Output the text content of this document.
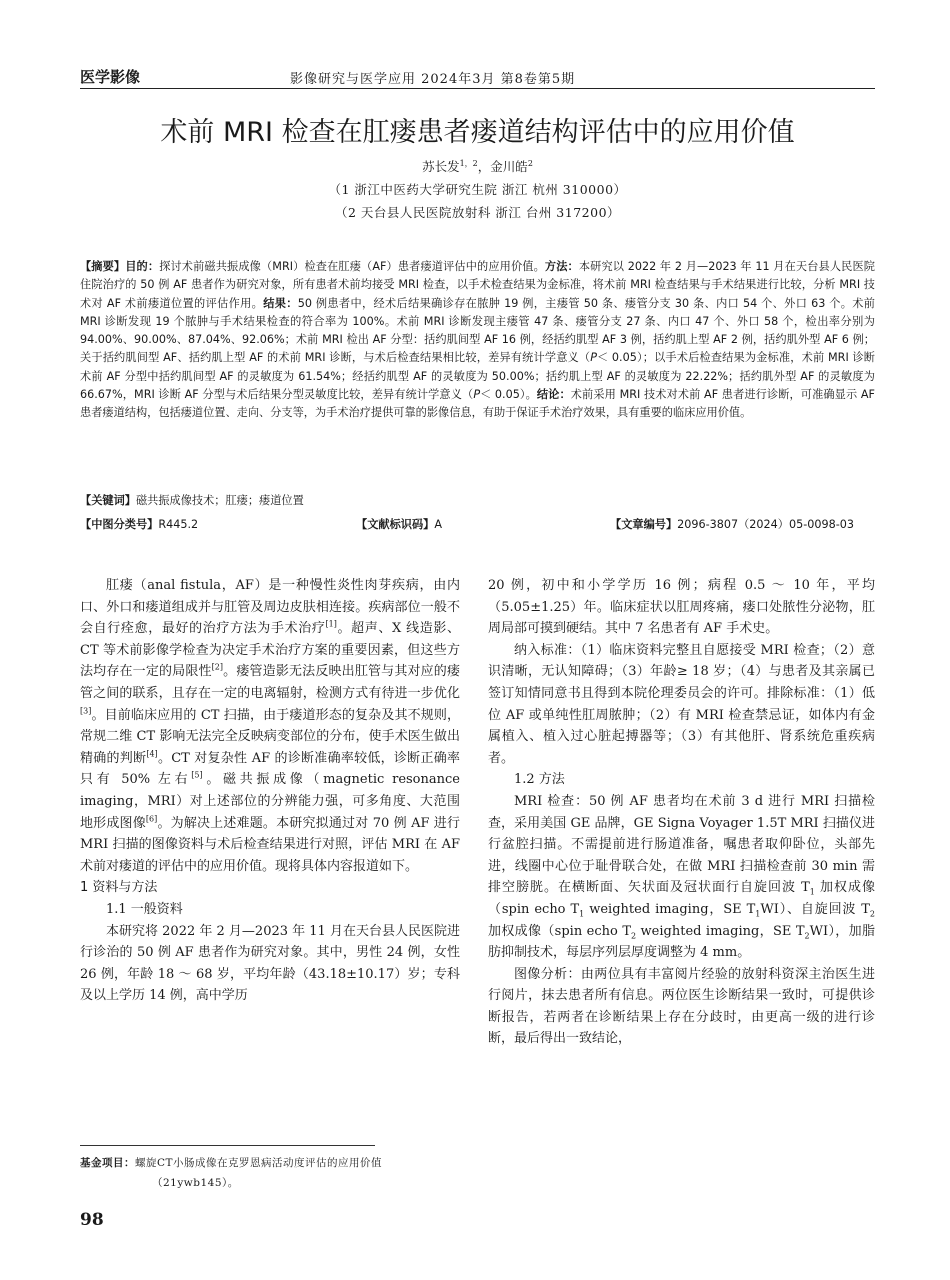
医学影像	影像研究与医学应用 2024年3月 第8卷第5期
术前 MRI 检查在肛瘘患者瘘道结构评估中的应用价值
苏长发$^{1,2}$，金川皓$^2$
（1 浙江中医药大学研究生院 浙江 杭州 310000）
（2 天台县人民医院放射科 浙江 台州 317200）
【摘要】目的：探讨术前磁共振成像（MRI）检查在肛瘘（AF）患者瘘道评估中的应用价值。方法：本研究以 2022 年 2 月—2023 年 11 月在天台县人民医院住院治疗的 50 例 AF 患者作为研究对象，所有患者术前均接受 MRI 检查，以手术检查结果为金标准，将术前 MRI 检查结果与手术结果进行比较，分析 MRI 技术对 AF 术前瘘道位置的评估作用。结果：50 例患者中，经术后结果确诊存在脓肿 19 例，主瘘管 50 条、瘘管分支 30 条、内口 54 个、外口 63 个。术前 MRI 诊断发现 19 个脓肿与手术结果检查的符合率为 100%。术前 MRI 诊断发现主瘘管 47 条、瘘管分支 27 条、内口 47 个、外口 58 个，检出率分别为 94.00%、90.00%、87.04%、92.06%；术前 MRI 检出 AF 分型：括约肌间型 AF 16 例，经括约肌型 AF 3 例，括约肌上型 AF 2 例，括约肌外型 AF 6 例；关于括约肌间型 AF、括约肌上型 AF 的术前 MRI 诊断，与术后检查结果相比较，差异有统计学意义（P＜ 0.05）；以手术后检查结果为金标准，术前 MRI 诊断术前 AF 分型中括约肌间型 AF 的灵敏度为 61.54%；经括约肌型 AF 的灵敏度为 50.00%；括约肌上型 AF 的灵敏度为 22.22%；括约肌外型 AF 的灵敏度为 66.67%，MRI 诊断 AF 分型与术后结果分型灵敏度比较，差异有统计学意义（P＜ 0.05）。结论：术前采用 MRI 技术对术前 AF 患者进行诊断，可准确显示 AF 患者瘘道结构，包括瘘道位置、走向、分支等，为手术治疗提供可靠的影像信息，有助于保证手术治疗效果，具有重要的临床应用价值。
【关键词】磁共振成像技术；肛瘘；瘘道位置
【中图分类号】R445.2	【文献标识码】A	【文章编号】2096-3807（2024）05-0098-03

肛瘘（anal fistula，AF）是一种慢性炎性肉芽疾病，由内口、外口和瘘道组成并与肛管及周边皮肤相连接。疾病部位一般不会自行痊愈，最好的治疗方法为手术治疗[1]。超声、X 线造影、CT 等术前影像学检查为决定手术治疗方案的重要因素，但这些方法均存在一定的局限性[2]。瘘管造影无法反映出肛管与其对应的瘘管之间的联系，且存在一定的电离辐射，检测方式有待进一步优化[3]。目前临床应用的 CT 扫描，由于瘘道形态的复杂及其不规则，常规二维 CT 影响无法完全反映病变部位的分布，使手术医生做出精确的判断[4]。CT 对复杂性 AF 的诊断准确率较低，诊断正确率只有 50% 左右[5]。磁共振成像（magnetic resonance imaging，MRI）对上述部位的分辨能力强，可多角度、大范围地形成图像[6]。为解决上述难题。本研究拟通过对 70 例 AF 进行 MRI 扫描的图像资料与术后检查结果进行对照，评估 MRI 在 AF 术前对瘘道的评估中的应用价值。现将具体内容报道如下。

1 资料与方法

1.1 一般资料

本研究将 2022 年 2 月—2023 年 11 月在天台县人民医院进行诊治的 50 例 AF 患者作为研究对象。其中，男性 24 例，女性 26 例，年龄 18 ～ 68 岁，平均年龄（43.18±10.17）岁；专科及以上学历 14 例，高中学历

20 例，初中和小学学历 16 例；病程 0.5 ～ 10 年，平均（5.05±1.25）年。临床症状以肛周疼痛，瘘口处脓性分泌物，肛周局部可摸到硬结。其中 7 名患者有 AF 手术史。

纳入标准：（1）临床资料完整且自愿接受 MRI 检查；（2）意识清晰，无认知障碍；（3）年龄≥ 18 岁；（4）与患者及其亲属已签订知情同意书且得到本院伦理委员会的许可。排除标准：（1）低位 AF 或单纯性肛周脓肿；（2）有 MRI 检查禁忌证，如体内有金属植入、植入过心脏起搏器等；（3）有其他肝、肾系统危重疾病者。

1.2 方法

MRI 检查：50 例 AF 患者均在术前 3 d 进行 MRI 扫描检查，采用美国 GE 品牌，GE Signa Voyager 1.5T MRI 扫描仪进行盆腔扫描。不需提前进行肠道准备，嘱患者取仰卧位，头部先进，线圈中心位于耻骨联合处，在做 MRI 扫描检查前 30 min 需排空膀胱。在横断面、矢状面及冠状面行自旋回波 $T_1$ 加权成像（spin echo $T_1$ weighted imaging，SE $T_1WI$）、自旋回波 $T_2$ 加权成像（spin echo $T_2$ weighted imaging，SE $T_2WI$），加脂肪抑制技术，每层序列层厚度调整为 4 mm。

图像分析：由两位具有丰富阅片经验的放射科资深主治医生进行阅片，抹去患者所有信息。两位医生诊断结果一致时，可提供诊断报告，若两者在诊断结果上存在分歧时，由更高一级的进行诊断，最后得出一致结论，

基金项目：螺旋CT小肠成像在克罗恩病活动度评估的应用价值
（21ywb145）。
98
